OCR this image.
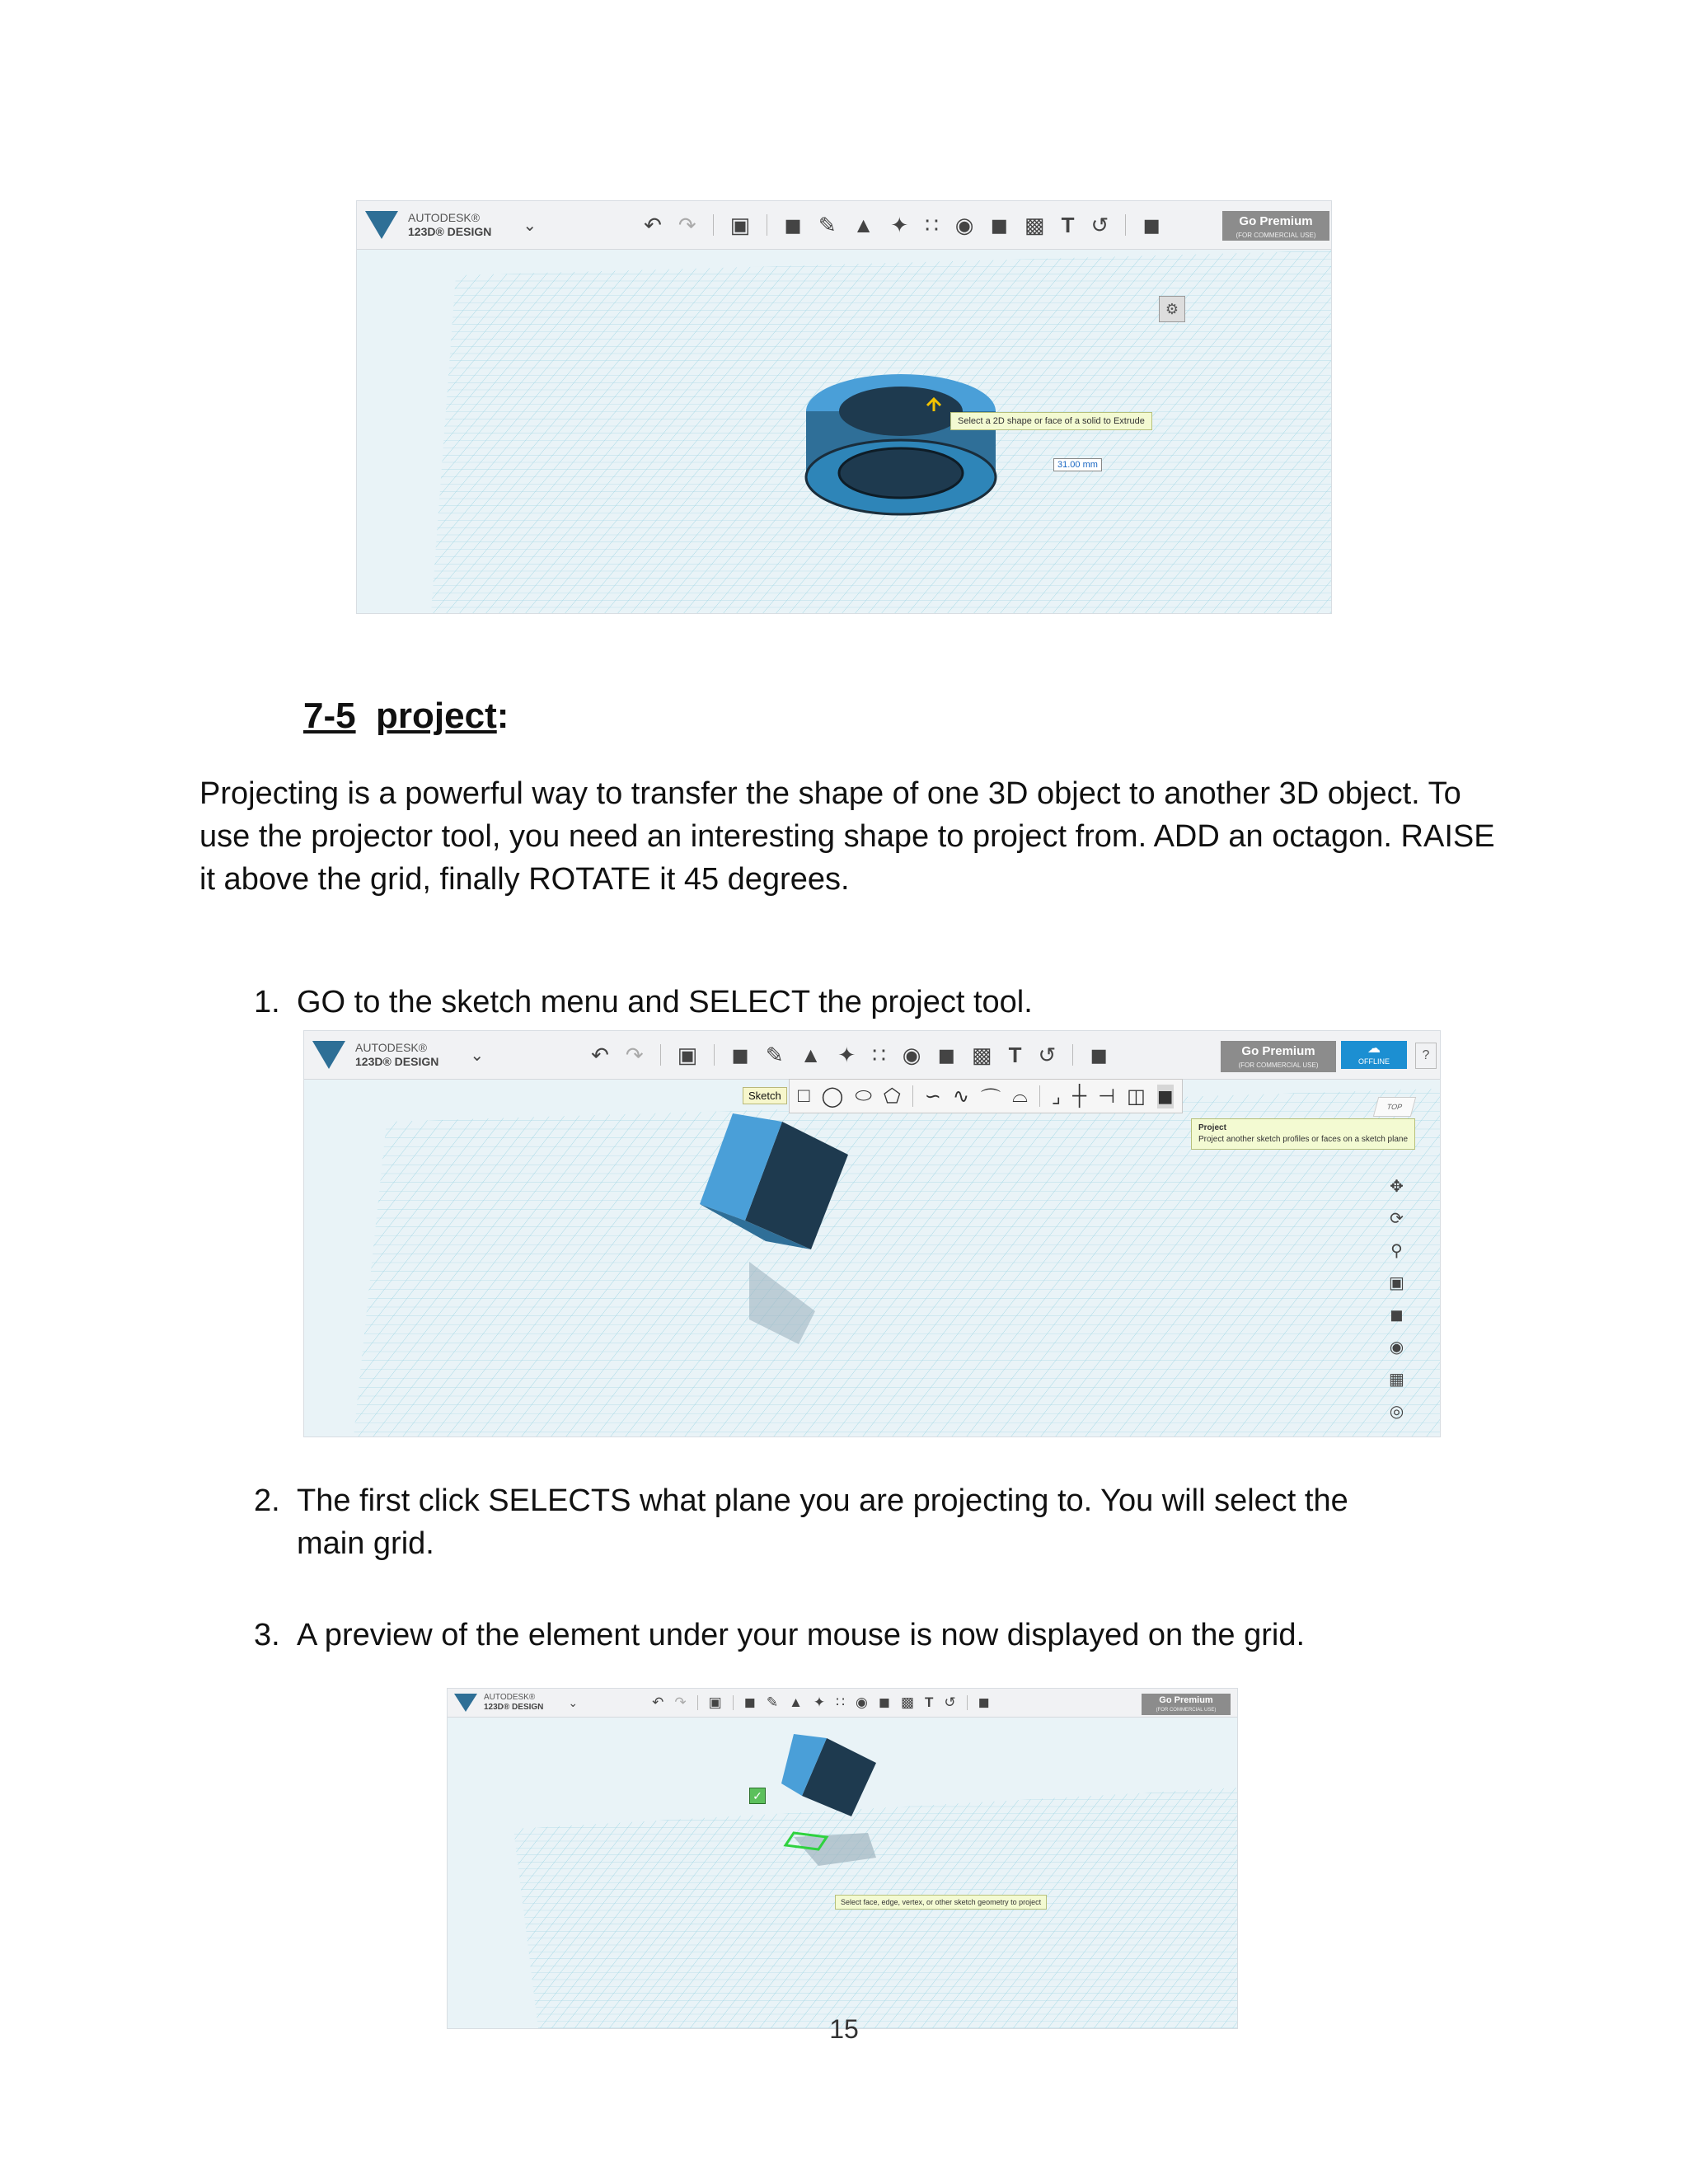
AUTODESK®
123D® DESIGN ⌄	↶ ↷ ▣ ◼ ✎ ▲ ✦ ∷ ◉ ◼ ▩ T ↺ ◼	Go Premium
(FOR COMMERCIAL USE)
⚙
Select a 2D shape or face of a solid to Extrude
31.00 mm
7-5 project:
Projecting is a powerful way to transfer the shape of one 3D object to another 3D object. To use the projector tool, you need an interesting shape to project from. ADD an octagon. RAISE it above the grid, finally ROTATE it 45 degrees.
1. GO to the sketch menu and SELECT the project tool.
AUTODESK®
123D® DESIGN ⌄	↶ ↷ ▣ ◼ ✎ ▲ ✦ ∷ ◉ ◼ ▩ T ↺ ◼	Go Premium
(FOR COMMERCIAL USE)
☁
OFFLINE	?
Sketch □ ◯ ⬭ ⬠ ∽ ∿ ⌒ ⌓ ⌟ ┼ ⊣ ◫ ◼
Project
Project another sketch profiles or faces on a sketch plane
TOP
✥
⟳
⚲
▣
◼
◉
▦
◎
2. The first click SELECTS what plane you are projecting to. You will select the
main grid.
3. A preview of the element under your mouse is now displayed on the grid.
AUTODESK®
123D® DESIGN ⌄	↶ ↷ ▣ ◼ ✎ ▲ ✦ ∷ ◉ ◼ ▩ T ↺ ◼	Go Premium
(FOR COMMERCIAL USE)
✓
Select face, edge, vertex, or other sketch geometry to project
15
